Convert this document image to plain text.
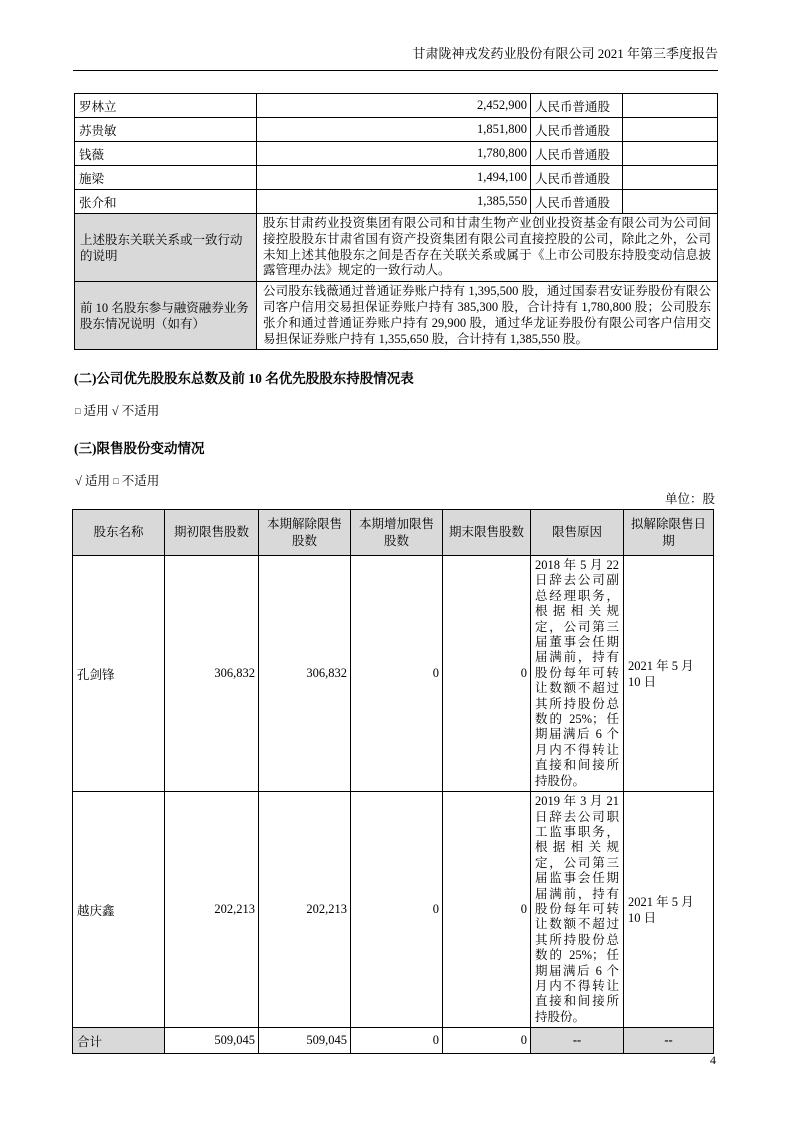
甘肃陇神戎发药业股份有限公司 2021 年第三季度报告
罗林立	2,452,900	人民币普通股	
苏贵敏	1,851,800	人民币普通股	
钱薇	1,780,800	人民币普通股	
施梁	1,494,100	人民币普通股	
张介和	1,385,550	人民币普通股	
上述股东关联关系或一致行动的说明	股东甘肃药业投资集团有限公司和甘肃生物产业创业投资基金有限公司为公司间接控股股东甘肃省国有资产投资集团有限公司直接控股的公司，除此之外，公司未知上述其他股东之间是否存在关联关系或属于《上市公司股东持股变动信息披露管理办法》规定的一致行动人。		
前 10 名股东参与融资融券业务股东情况说明（如有）	公司股东钱薇通过普通证券账户持有 1,395,500 股，通过国泰君安证券股份有限公司客户信用交易担保证券账户持有 385,300 股，合计持有 1,780,800 股；公司股东张介和通过普通证券账户持有 29,900 股，通过华龙证券股份有限公司客户信用交易担保证券账户持有 1,355,650 股，合计持有 1,385,550 股。		
(二)公司优先股股东总数及前 10 名优先股股东持股情况表
□ 适用 √ 不适用
(三)限售股份变动情况
√ 适用 □ 不适用
单位：股
股东名称	期初限售股数	本期解除限售股数	本期增加限售股数	期末限售股数	限售原因	拟解除限售日期
孔剑锋	306,832	306,832	0	0	2018 年 5 月 22 日辞去公司副总经理职务，根据相关规定，公司第三届董事会任期届满前，持有股份每年可转让数额不超过其所持股份总数的 25%；任期届满后 6 个月内不得转让直接和间接所持股份。	2021 年 5 月 10 日
越庆鑫	202,213	202,213	0	0	2019 年 3 月 21 日辞去公司职工监事职务，根据相关规定，公司第三届监事会任期届满前，持有股份每年可转让数额不超过其所持股份总数的 25%；任期届满后 6 个月内不得转让直接和间接所持股份。	2021 年 5 月 10 日
合计	509,045	509,045	0	0	--	--
4
